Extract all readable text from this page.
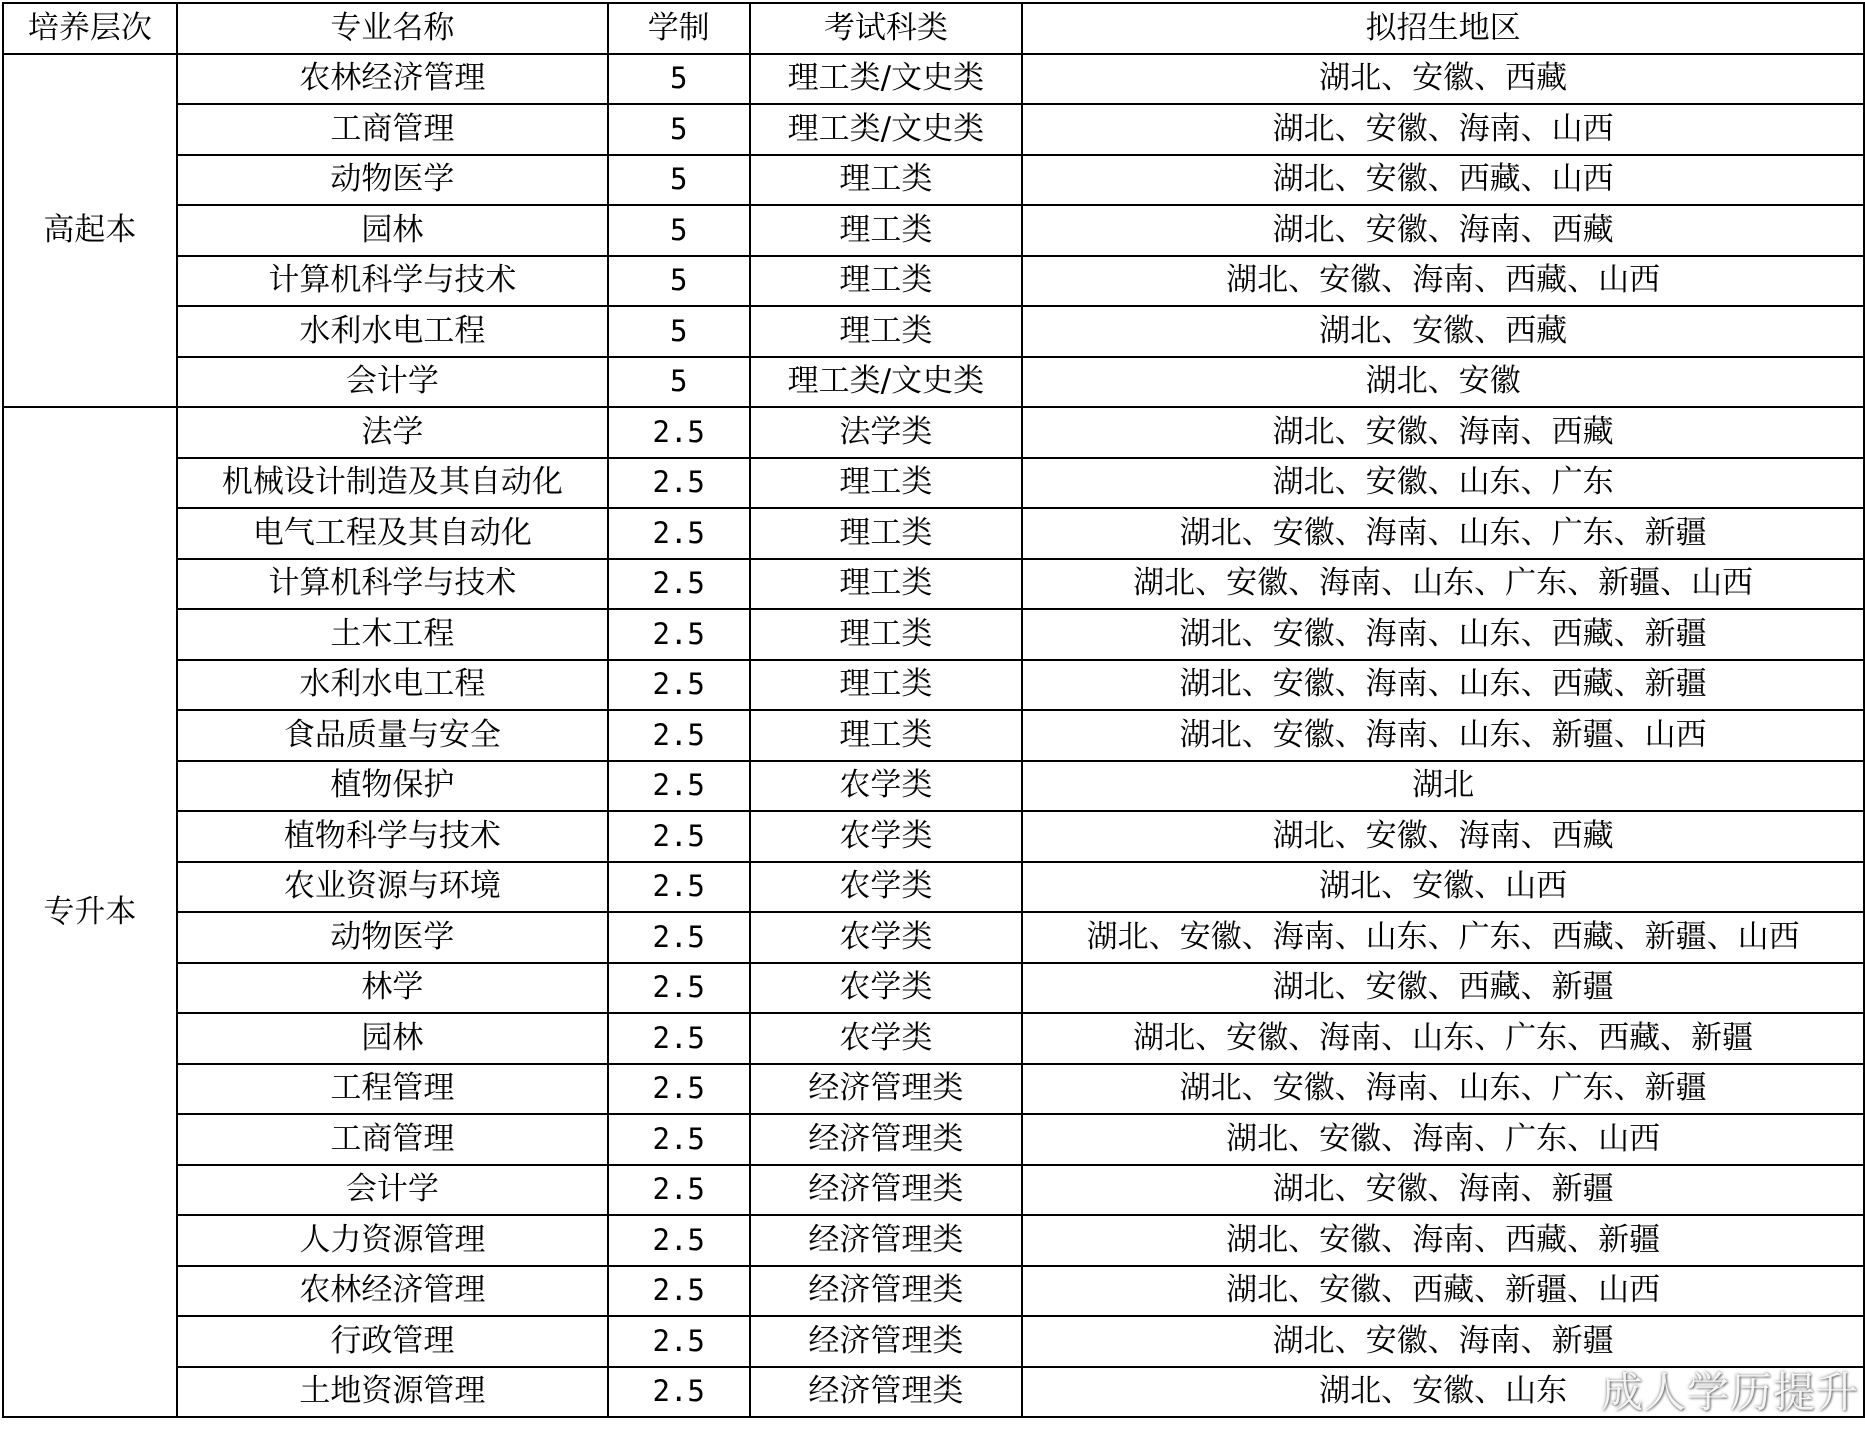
培养层次	专业名称	学制	考试科类	拟招生地区
高起本	农林经济管理	5	理工类/文史类	湖北、安徽、西藏
	工商管理	5	理工类/文史类	湖北、安徽、海南、山西
	动物医学	5	理工类	湖北、安徽、西藏、山西
	园林	5	理工类	湖北、安徽、海南、西藏
	计算机科学与技术	5	理工类	湖北、安徽、海南、西藏、山西
	水利水电工程	5	理工类	湖北、安徽、西藏
	会计学	5	理工类/文史类	湖北、安徽
专升本	法学	2.5	法学类	湖北、安徽、海南、西藏
	机械设计制造及其自动化	2.5	理工类	湖北、安徽、山东、广东
	电气工程及其自动化	2.5	理工类	湖北、安徽、海南、山东、广东、新疆
	计算机科学与技术	2.5	理工类	湖北、安徽、海南、山东、广东、新疆、山西
	土木工程	2.5	理工类	湖北、安徽、海南、山东、西藏、新疆
	水利水电工程	2.5	理工类	湖北、安徽、海南、山东、西藏、新疆
	食品质量与安全	2.5	理工类	湖北、安徽、海南、山东、新疆、山西
	植物保护	2.5	农学类	湖北
	植物科学与技术	2.5	农学类	湖北、安徽、海南、西藏
	农业资源与环境	2.5	农学类	湖北、安徽、山西
	动物医学	2.5	农学类	湖北、安徽、海南、山东、广东、西藏、新疆、山西
	林学	2.5	农学类	湖北、安徽、西藏、新疆
	园林	2.5	农学类	湖北、安徽、海南、山东、广东、西藏、新疆
	工程管理	2.5	经济管理类	湖北、安徽、海南、山东、广东、新疆
	工商管理	2.5	经济管理类	湖北、安徽、海南、广东、山西
	会计学	2.5	经济管理类	湖北、安徽、海南、新疆
	人力资源管理	2.5	经济管理类	湖北、安徽、海南、西藏、新疆
	农林经济管理	2.5	经济管理类	湖北、安徽、西藏、新疆、山西
	行政管理	2.5	经济管理类	湖北、安徽、海南、新疆
	土地资源管理	2.5	经济管理类	湖北、安徽、山东 成人学历提升
